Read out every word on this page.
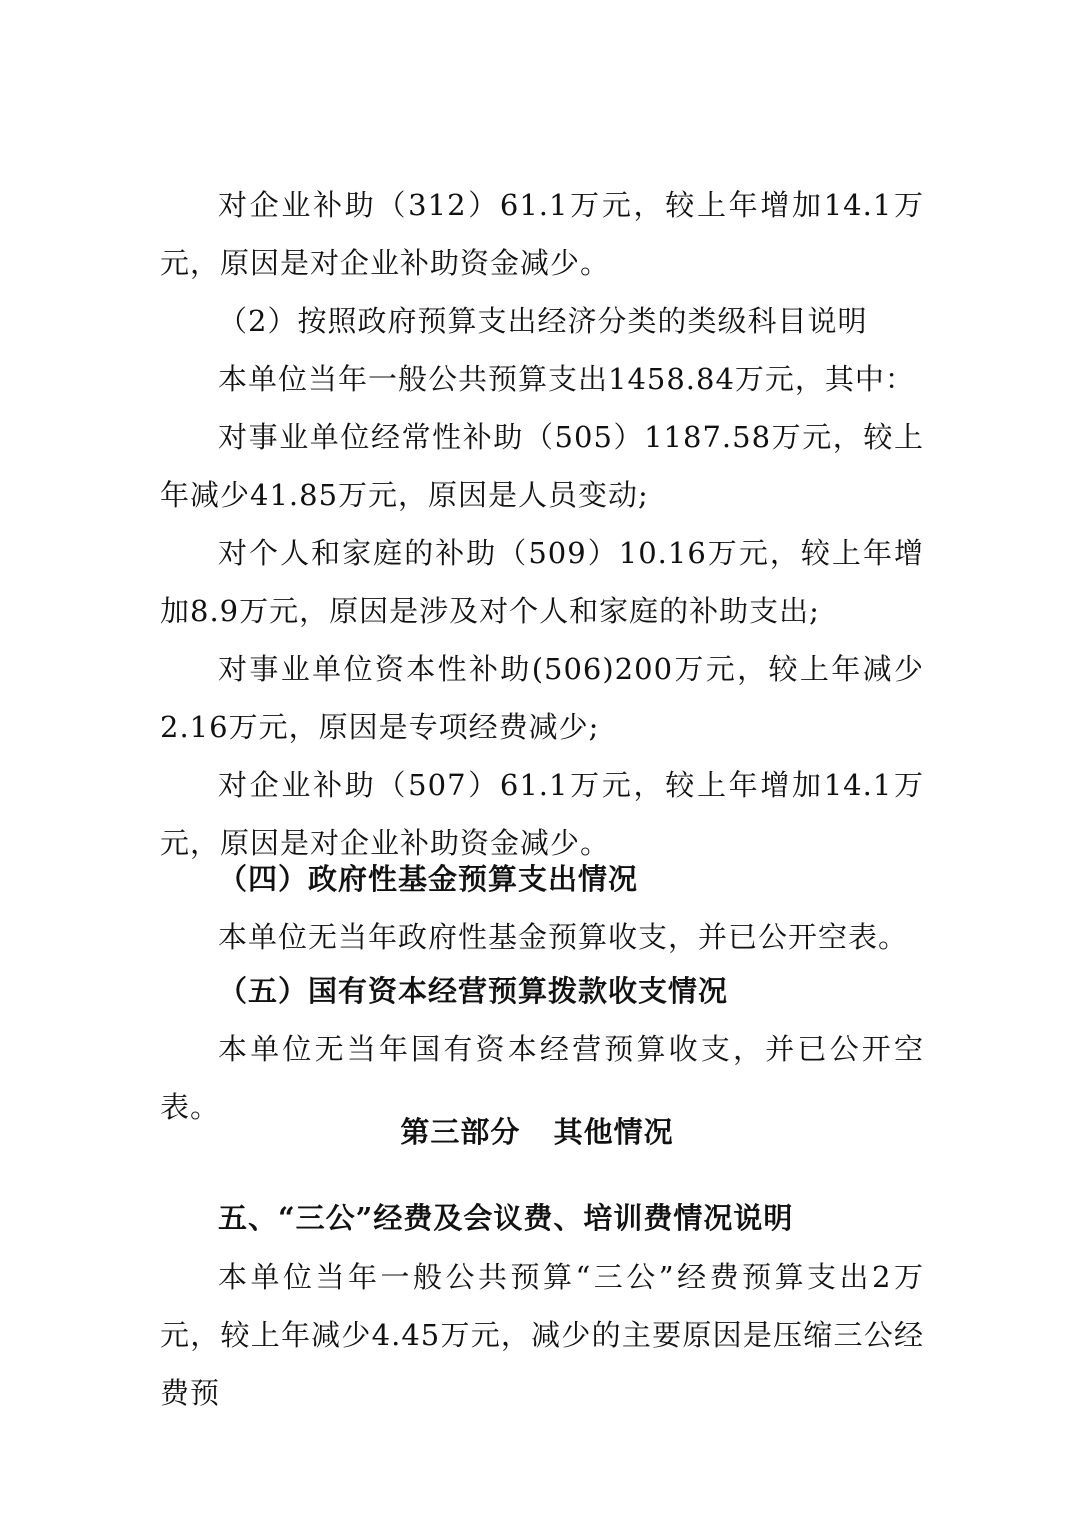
对企业补助（312）61.1万元，较上年增加14.1万元，原因是对企业补助资金减少。

（2）按照政府预算支出经济分类的类级科目说明

本单位当年一般公共预算支出1458.84万元，其中：

对事业单位经常性补助（505）1187.58万元，较上年减少41.85万元，原因是人员变动;

对个人和家庭的补助（509）10.16万元，较上年增加8.9万元，原因是涉及对个人和家庭的补助支出;

对事业单位资本性补助(506)200万元，较上年减少2.16万元，原因是专项经费减少;

对企业补助（507）61.1万元，较上年增加14.1万元，原因是对企业补助资金减少。

（四）政府性基金预算支出情况

本单位无当年政府性基金预算收支，并已公开空表。

（五）国有资本经营预算拨款收支情况

本单位无当年国有资本经营预算收支，并已公开空表。

第三部分   其他情况
五、“三公”经费及会议费、培训费情况说明

本单位当年一般公共预算“三公”经费预算支出2万元，较上年减少4.45万元，减少的主要原因是压缩三公经费预
